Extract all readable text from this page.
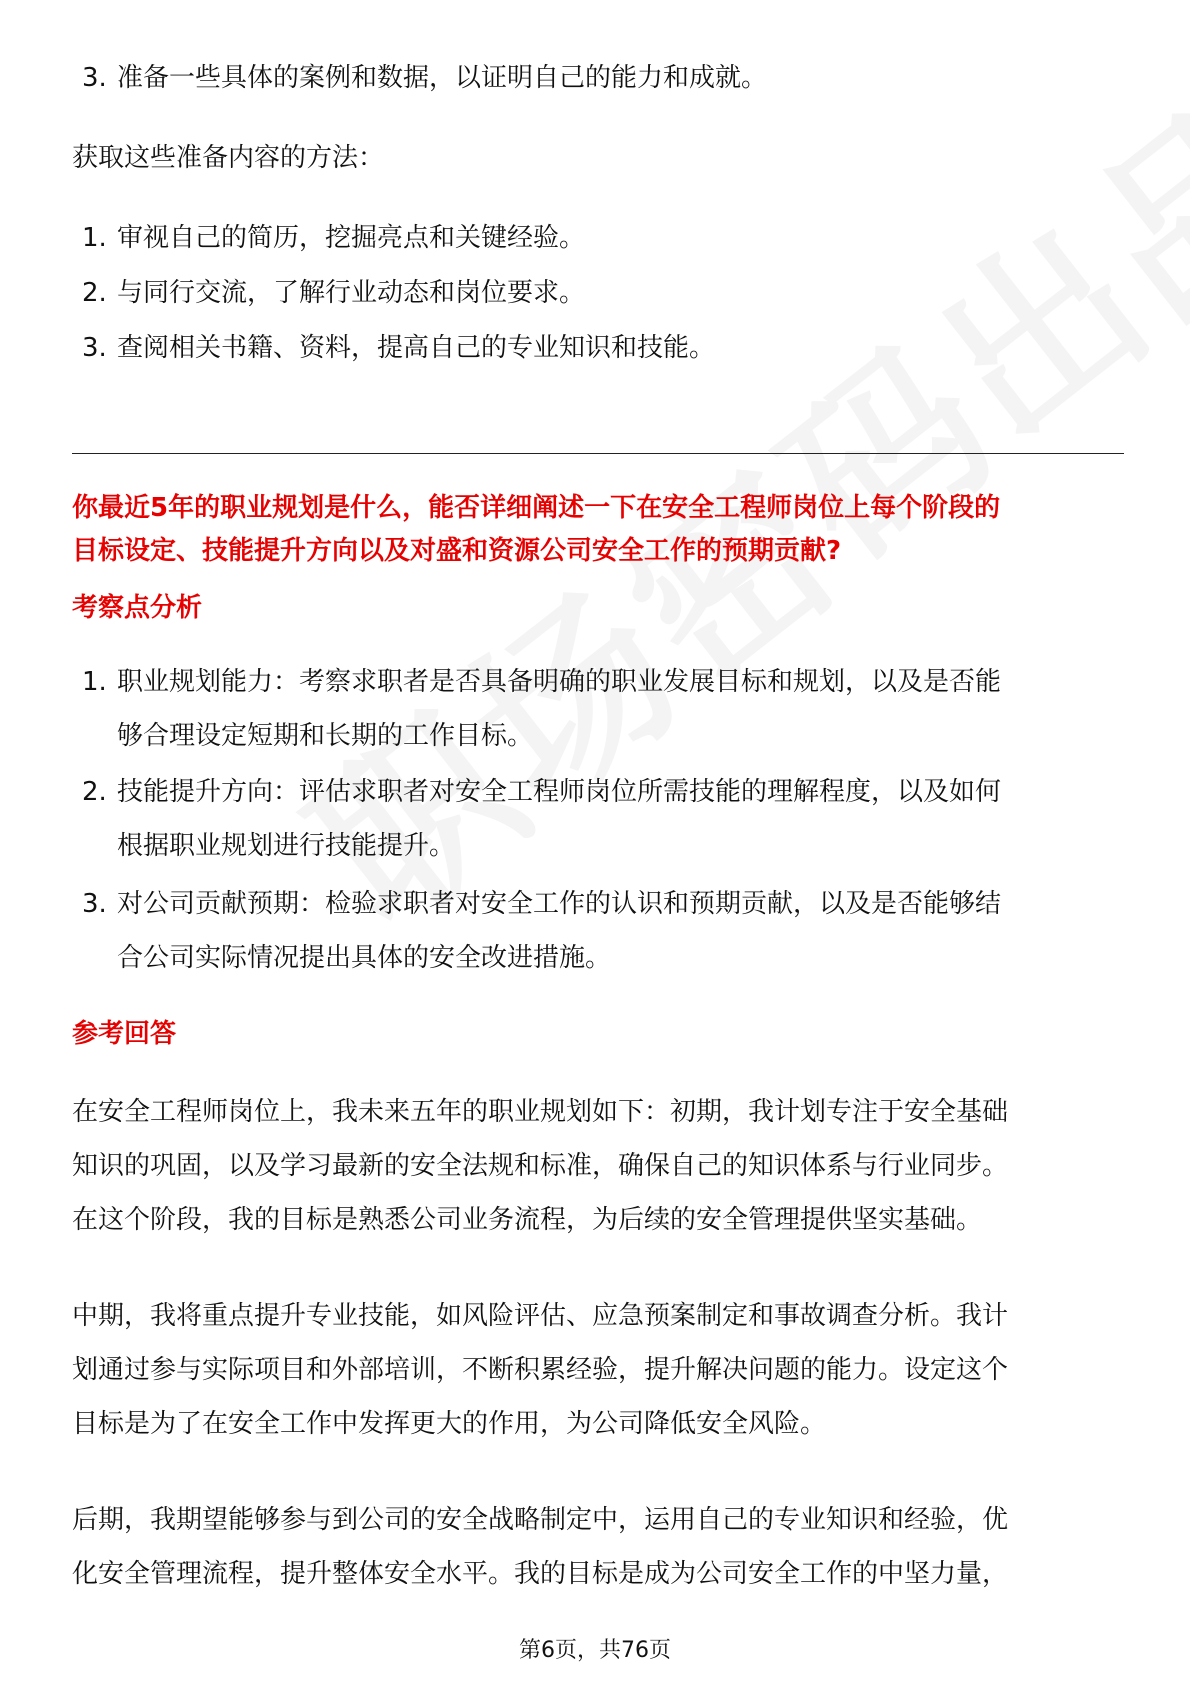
3. 准备一些具体的案例和数据，以证明自己的能力和成就。
获取这些准备内容的方法：
1. 审视自己的简历，挖掘亮点和关键经验。
2. 与同行交流，了解行业动态和岗位要求。
3. 查阅相关书籍、资料，提高自己的专业知识和技能。
你最近5年的职业规划是什么，能否详细阐述一下在安全工程师岗位上每个阶段的
目标设定、技能提升方向以及对盛和资源公司安全工作的预期贡献?
考察点分析
1. 职业规划能力：考察求职者是否具备明确的职业发展目标和规划，以及是否能
够合理设定短期和长期的工作目标。
2. 技能提升方向：评估求职者对安全工程师岗位所需技能的理解程度，以及如何
根据职业规划进行技能提升。
3. 对公司贡献预期：检验求职者对安全工作的认识和预期贡献，以及是否能够结
合公司实际情况提出具体的安全改进措施。
参考回答
在安全工程师岗位上，我未来五年的职业规划如下：初期，我计划专注于安全基础
知识的巩固，以及学习最新的安全法规和标准，确保自己的知识体系与行业同步。
在这个阶段，我的目标是熟悉公司业务流程，为后续的安全管理提供坚实基础。
中期，我将重点提升专业技能，如风险评估、应急预案制定和事故调查分析。我计
划通过参与实际项目和外部培训，不断积累经验，提升解决问题的能力。设定这个
目标是为了在安全工作中发挥更大的作用，为公司降低安全风险。
后期，我期望能够参与到公司的安全战略制定中，运用自己的专业知识和经验，优
化安全管理流程，提升整体安全水平。我的目标是成为公司安全工作的中坚力量，
第6页，共76页
